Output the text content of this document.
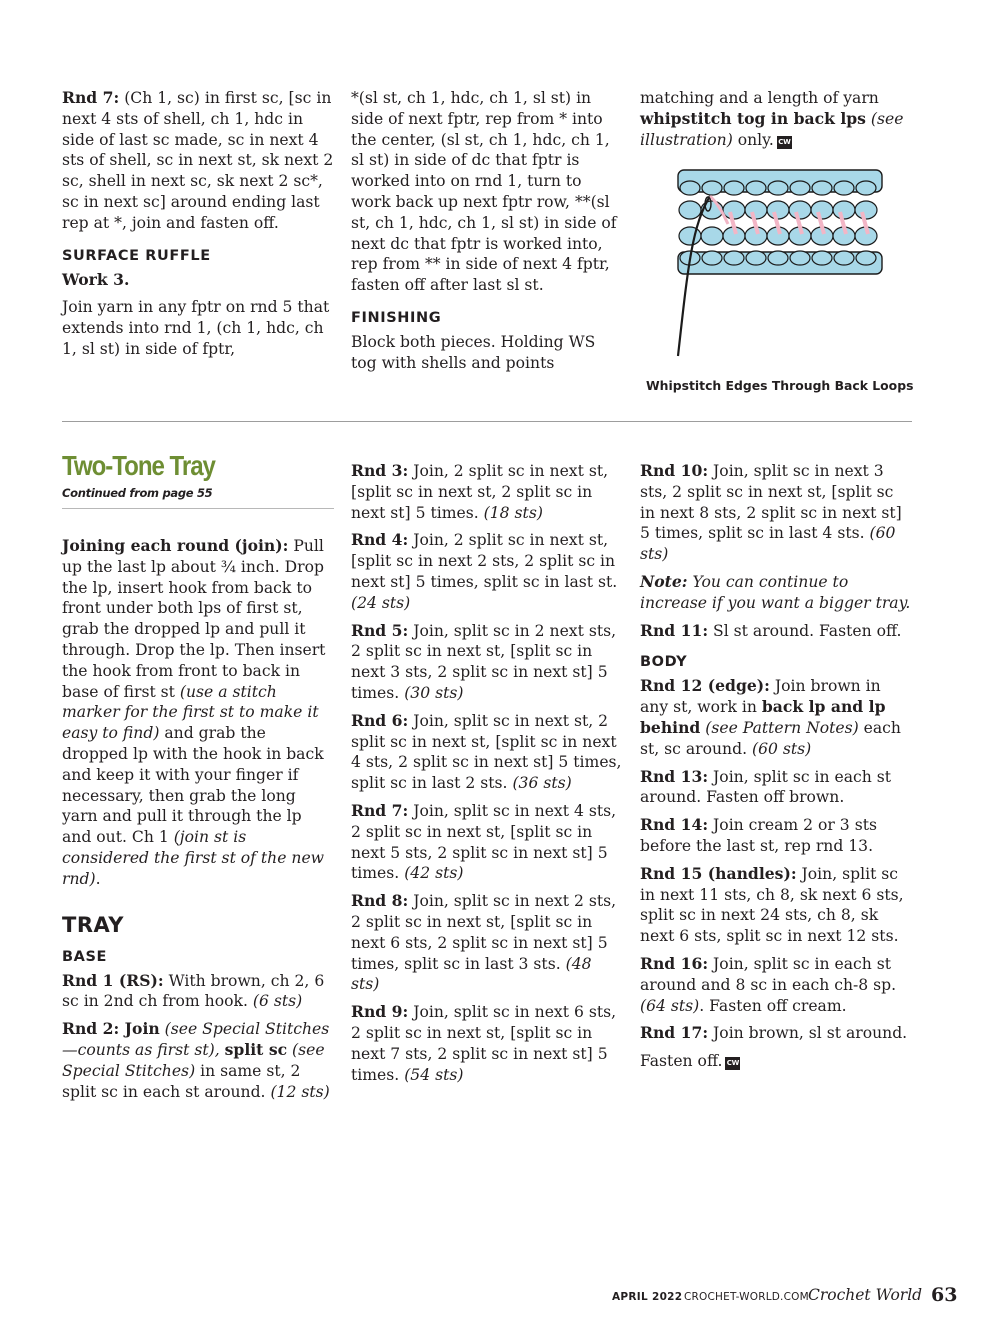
Rnd 7: (Ch 1, sc) in first sc, [sc in next 4 sts of shell, ch 1, hdc in side of last sc made, sc in next 4 sts of shell, sc in next st, sk next 2 sc, shell in next sc, sk next 2 sc*, sc in next sc] around ending last rep at *, join and fasten off.

SURFACE RUFFLE

Work 3.

Join yarn in any fptr on rnd 5 that extends into rnd 1, (ch 1, hdc, ch 1, sl st) in side of fptr,

*(sl st, ch 1, hdc, ch 1, sl st) in side of next fptr, rep from * into the center, (sl st, ch 1, hdc, ch 1, sl st) in side of dc that fptr is worked into on rnd 1, turn to work back up next fptr row, **(sl st, ch 1, hdc, ch 1, sl st) in side of next dc that fptr is worked into, rep from ** in side of next 4 fptr, fasten off after last sl st.

FINISHING

Block both pieces. Holding WS tog with shells and points

matching and a length of yarn whipstitch tog in back lps (see illustration) only. CW

Whipstitch Edges Through Back Loops
Two-Tone Tray
Continued from page 55

Joining each round (join): Pull up the last lp about ¾ inch. Drop the lp, insert hook from back to front under both lps of first st, grab the dropped lp and pull it through. Drop the lp. Then insert the hook from front to back in base of first st (use a stitch marker for the first st to make it easy to find) and grab the dropped lp with the hook in back and keep it with your finger if necessary, then grab the long yarn and pull it through the lp and out. Ch 1 (join st is considered the first st of the new rnd).

TRAY
BASE

Rnd 1 (RS): With brown, ch 2, 6 sc in 2nd ch from hook. (6 sts)

Rnd 2: Join (see Special Stitches—counts as first st), split sc (see Special Stitches) in same st, 2 split sc in each st around. (12 sts)

Rnd 3: Join, 2 split sc in next st, [split sc in next st, 2 split sc in next st] 5 times. (18 sts)

Rnd 4: Join, 2 split sc in next st, [split sc in next 2 sts, 2 split sc in next st] 5 times, split sc in last st. (24 sts)

Rnd 5: Join, split sc in 2 next sts, 2 split sc in next st, [split sc in next 3 sts, 2 split sc in next st] 5 times. (30 sts)

Rnd 6: Join, split sc in next st, 2 split sc in next st, [split sc in next 4 sts, 2 split sc in next st] 5 times, split sc in last 2 sts. (36 sts)

Rnd 7: Join, split sc in next 4 sts, 2 split sc in next st, [split sc in next 5 sts, 2 split sc in next st] 5 times. (42 sts)

Rnd 8: Join, split sc in next 2 sts, 2 split sc in next st, [split sc in next 6 sts, 2 split sc in next st] 5 times, split sc in last 3 sts. (48 sts)

Rnd 9: Join, split sc in next 6 sts, 2 split sc in next st, [split sc in next 7 sts, 2 split sc in next st] 5 times. (54 sts)

Rnd 10: Join, split sc in next 3 sts, 2 split sc in next st, [split sc in next 8 sts, 2 split sc in next st] 5 times, split sc in last 4 sts. (60 sts)

Note: You can continue to increase if you want a bigger tray.

Rnd 11: Sl st around. Fasten off.

BODY

Rnd 12 (edge): Join brown in any st, work in back lp and lp behind (see Pattern Notes) each st, sc around. (60 sts)

Rnd 13: Join, split sc in each st around. Fasten off brown.

Rnd 14: Join cream 2 or 3 sts before the last st, rep rnd 13.

Rnd 15 (handles): Join, split sc in next 11 sts, ch 8, sk next 6 sts, split sc in next 24 sts, ch 8, sk next 6 sts, split sc in next 12 sts.

Rnd 16: Join, split sc in each st around and 8 sc in each ch-8 sp. (64 sts). Fasten off cream.

Rnd 17: Join brown, sl st around.

Fasten off. CW

APRIL 2022 CROCHET-WORLD.COM Crochet World 63
